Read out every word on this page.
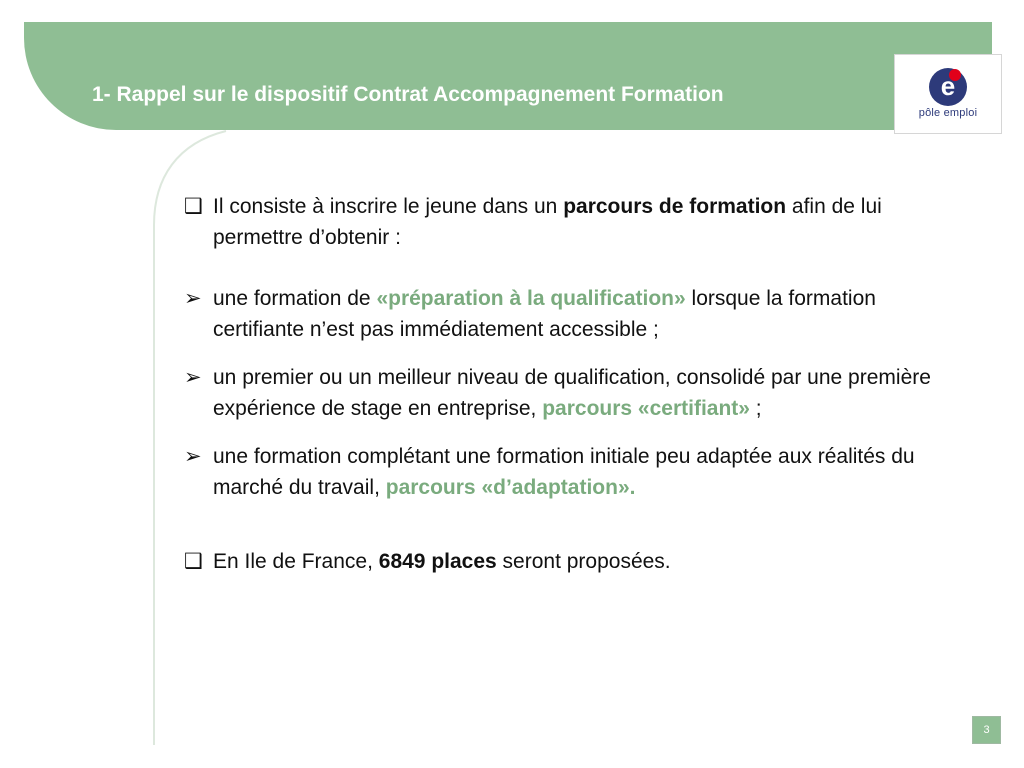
1- Rappel sur le dispositif Contrat Accompagnement Formation	e
pôle emploi
❑ Il consiste à inscrire le jeune dans un parcours de formation afin de lui permettre d’obtenir :
➢ une formation de «préparation à la qualification» lorsque la formation certifiante n’est pas immédiatement accessible ;
➢ un premier ou un meilleur niveau de qualification, consolidé par une première expérience de stage en entreprise, parcours «certifiant» ;
➢ une formation complétant une formation initiale peu adaptée aux réalités du marché du travail, parcours «d’adaptation».
❑ En Ile de France, 6849 places seront proposées.
3
